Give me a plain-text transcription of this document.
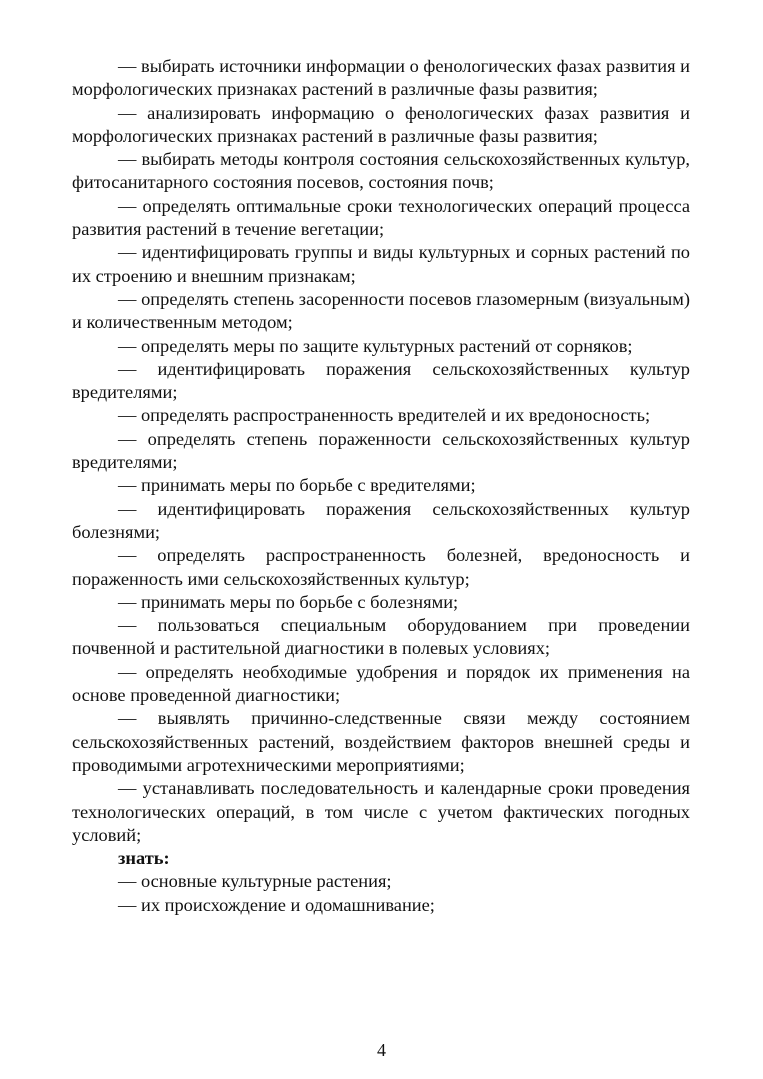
— выбирать источники информации о фенологических фазах развития и морфологических признаках растений в различные фазы развития;

— анализировать информацию о фенологических фазах развития и морфологических признаках растений в различные фазы развития;

— выбирать методы контроля состояния сельскохозяйственных культур, фитосанитарного состояния посевов, состояния почв;

— определять оптимальные сроки технологических операций процесса развития растений в течение вегетации;

— идентифицировать группы и виды культурных и сорных растений по их строению и внешним признакам;

— определять степень засоренности посевов глазомерным (визуальным) и количественным методом;

— определять меры по защите культурных растений от сорняков;

— идентифицировать поражения сельскохозяйственных культур вредителями;

— определять распространенность вредителей и их вредоносность;

— определять степень пораженности сельскохозяйственных культур вредителями;

— принимать меры по борьбе с вредителями;

— идентифицировать поражения сельскохозяйственных культур болезнями;

— определять распространенность болезней, вредоносность и пораженность ими сельскохозяйственных культур;

— принимать меры по борьбе с болезнями;

— пользоваться специальным оборудованием при проведении почвенной и растительной диагностики в полевых условиях;

— определять необходимые удобрения и порядок их применения на основе проведенной диагностики;

— выявлять причинно-следственные связи между состоянием сельскохозяйственных растений, воздействием факторов внешней среды и проводимыми агротехническими мероприятиями;

— устанавливать последовательность и календарные сроки проведения технологических операций, в том числе с учетом фактических погодных условий;

знать:

— основные культурные растения;

— их происхождение и одомашнивание;

4
